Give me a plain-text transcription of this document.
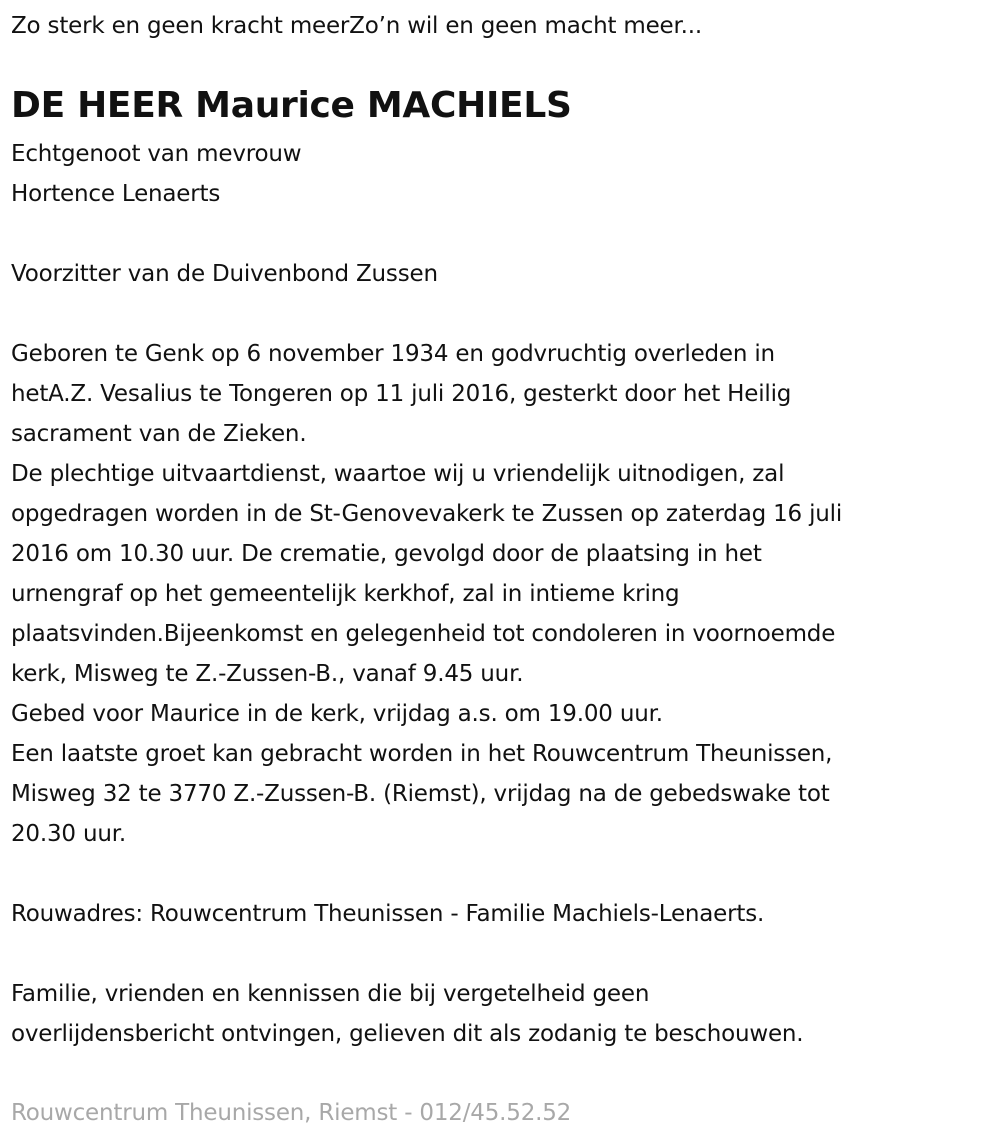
Zo sterk en geen kracht meerZo’n wil en geen macht meer...
DE HEER Maurice MACHIELS
Echtgenoot van mevrouw
Hortence Lenaerts
Voorzitter van de Duivenbond Zussen
Geboren te Genk op 6 november 1934 en godvruchtig overleden in
hetA.Z. Vesalius te Tongeren op 11 juli 2016, gesterkt door het Heilig
sacrament van de Zieken.
De plechtige uitvaartdienst, waartoe wij u vriendelijk uitnodigen, zal
opgedragen worden in de St-Genovevakerk te Zussen op zaterdag 16 juli
2016 om 10.30 uur. De crematie, gevolgd door de plaatsing in het
urnengraf op het gemeentelijk kerkhof, zal in intieme kring
plaatsvinden.Bijeenkomst en gelegenheid tot condoleren in voornoemde
kerk, Misweg te Z.-Zussen-B., vanaf 9.45 uur.
Gebed voor Maurice in de kerk, vrijdag a.s. om 19.00 uur.
Een laatste groet kan gebracht worden in het Rouwcentrum Theunissen,
Misweg 32 te 3770 Z.-Zussen-B. (Riemst), vrijdag na de gebedswake tot
20.30 uur.
Rouwadres: Rouwcentrum Theunissen - Familie Machiels-Lenaerts.
Familie, vrienden en kennissen die bij vergetelheid geen
overlijdensbericht ontvingen, gelieven dit als zodanig te beschouwen.
Rouwcentrum Theunissen, Riemst - 012/45.52.52
